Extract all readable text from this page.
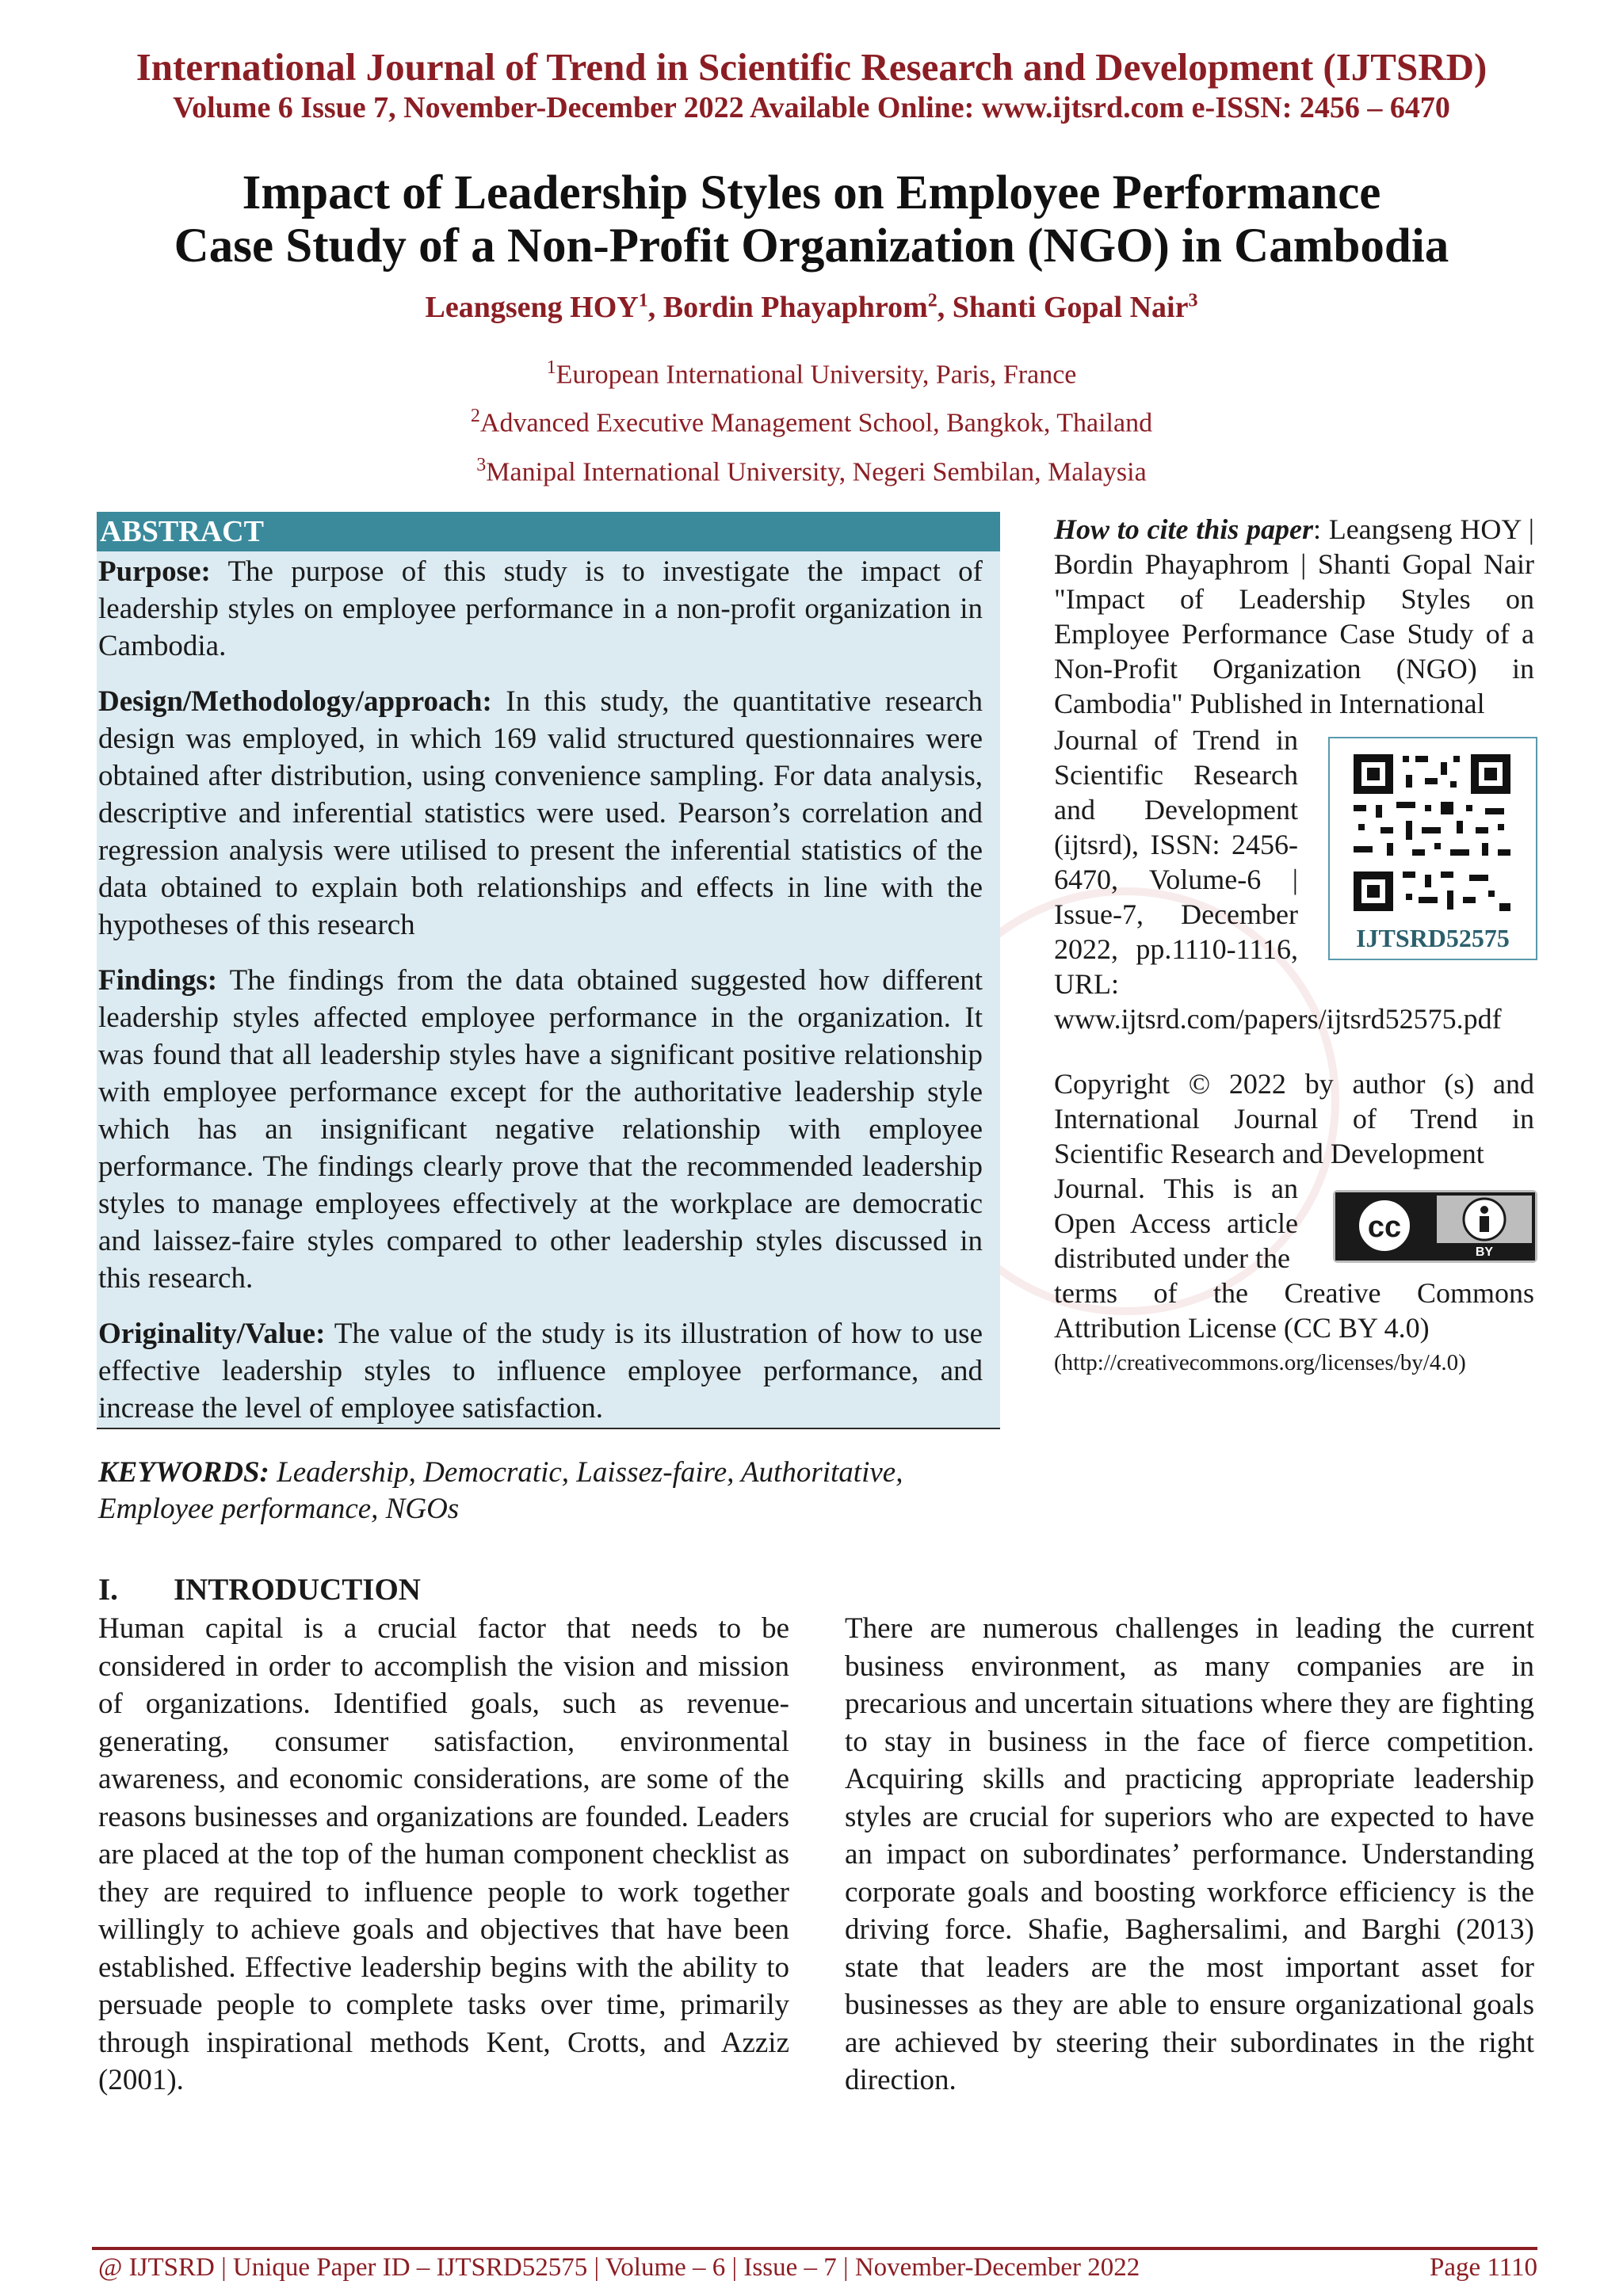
International Journal of Trend in Scientific Research and Development (IJTSRD)
Volume 6 Issue 7, November-December 2022 Available Online: www.ijtsrd.com e-ISSN: 2456 – 6470
Impact of Leadership Styles on Employee Performance
Case Study of a Non-Profit Organization (NGO) in Cambodia
Leangseng HOY$^1$, Bordin Phayaphrom$^2$, Shanti Gopal Nair$^3$
$^1$European International University, Paris, France
$^2$Advanced Executive Management School, Bangkok, Thailand
$^3$Manipal International University, Negeri Sembilan, Malaysia
ABSTRACT
Purpose: The purpose of this study is to investigate the impact of leadership styles on employee performance in a non-profit organization in Cambodia.
Design/Methodology/approach: In this study, the quantitative research design was employed, in which 169 valid structured questionnaires were obtained after distribution, using convenience sampling. For data analysis, descriptive and inferential statistics were used. Pearson’s correlation and regression analysis were utilised to present the inferential statistics of the data obtained to explain both relationships and effects in line with the hypotheses of this research
Findings: The findings from the data obtained suggested how different leadership styles affected employee performance in the organization. It was found that all leadership styles have a significant positive relationship with employee performance except for the authoritative leadership style which has an insignificant negative relationship with employee performance. The findings clearly prove that the recommended leadership styles to manage employees effectively at the workplace are democratic and laissez-faire styles compared to other leadership styles discussed in this research.
Originality/Value: The value of the study is its illustration of how to use effective leadership styles to influence employee performance, and increase the level of employee satisfaction.
How to cite this paper: Leangseng HOY | Bordin Phayaphrom | Shanti Gopal Nair "Impact of Leadership Styles on Employee Performance Case Study of a Non-Profit Organization (NGO) in Cambodia" Published in International
Journal of Trend in Scientific Research and Development (ijtsrd), ISSN: 2456-6470, Volume-6 | Issue-7, December 2022, pp.1110-1116, URL:
www.ijtsrd.com/papers/ijtsrd52575.pdf
IJTSRD52575
Copyright © 2022 by author (s) and International Journal of Trend in Scientific Research and Development
Journal. This is an Open Access article distributed under the
cc
BY
terms of the Creative Commons Attribution License (CC BY 4.0)
(http://creativecommons.org/licenses/by/4.0)
KEYWORDS: Leadership, Democratic, Laissez-faire, Authoritative, Employee performance, NGOs
I. INTRODUCTION
Human capital is a crucial factor that needs to be considered in order to accomplish the vision and mission of organizations. Identified goals, such as revenue-generating, consumer satisfaction, environmental awareness, and economic considerations, are some of the reasons businesses and organizations are founded. Leaders are placed at the top of the human component checklist as they are required to influence people to work together willingly to achieve goals and objectives that have been established. Effective leadership begins with the ability to persuade people to complete tasks over time, primarily through inspirational methods Kent, Crotts, and Azziz (2001).
There are numerous challenges in leading the current business environment, as many companies are in precarious and uncertain situations where they are fighting to stay in business in the face of fierce competition. Acquiring skills and practicing appropriate leadership styles are crucial for superiors who are expected to have an impact on subordinates’ performance. Understanding corporate goals and boosting workforce efficiency is the driving force. Shafie, Baghersalimi, and Barghi (2013) state that leaders are the most important asset for businesses as they are able to ensure organizational goals are achieved by steering their subordinates in the right direction.
@ IJTSRD | Unique Paper ID – IJTSRD52575 | Volume – 6 | Issue – 7 | November-December 2022	Page 1110
